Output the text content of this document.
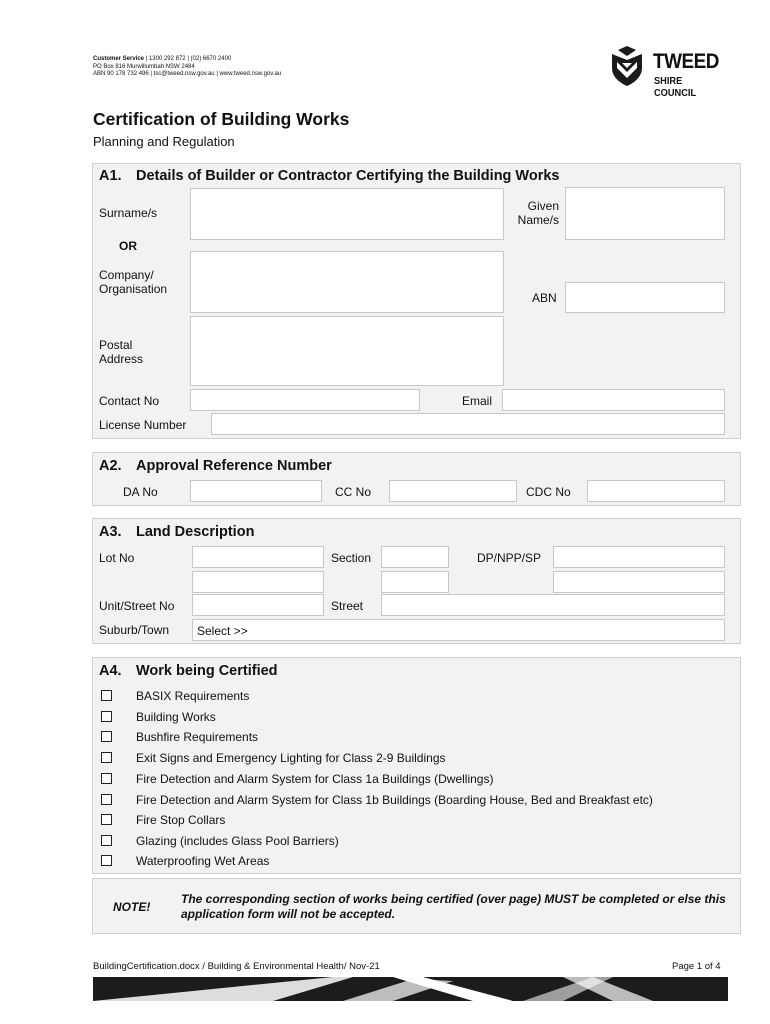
Customer Service | 1300 292 872 | (02) 6670 2400
PO Box 816 Murwillumbah NSW 2484
ABN 90 178 732 496 | tsc@tweed.nsw.gov.au | www.tweed.nsw.gov.au
TWEED
SHIRE COUNCIL
Certification of Building Works
Planning and Regulation
A1. Details of Builder or Contractor Certifying the Building Works
Surname/s	Given
Name/s
OR
Company/
Organisation
ABN
Postal
Address
Contact No	Email
License Number
A2. Approval Reference Number
DA No	CC No	CDC No
A3. Land Description
Lot No	Section	DP/NPP/SP
Unit/Street No	Street
Suburb/Town	Select >>
A4. Work being Certified
BASIX Requirements
Building Works
Bushfire Requirements
Exit Signs and Emergency Lighting for Class 2-9 Buildings
Fire Detection and Alarm System for Class 1a Buildings (Dwellings)
Fire Detection and Alarm System for Class 1b Buildings (Boarding House, Bed and Breakfast etc)
Fire Stop Collars
Glazing (includes Glass Pool Barriers)
Waterproofing Wet Areas
NOTE!
The corresponding section of works being certified (over page) MUST be completed or else this application form will not be accepted.
BuildingCertification.docx / Building & Environmental Health/ Nov-21	Page 1 of 4
